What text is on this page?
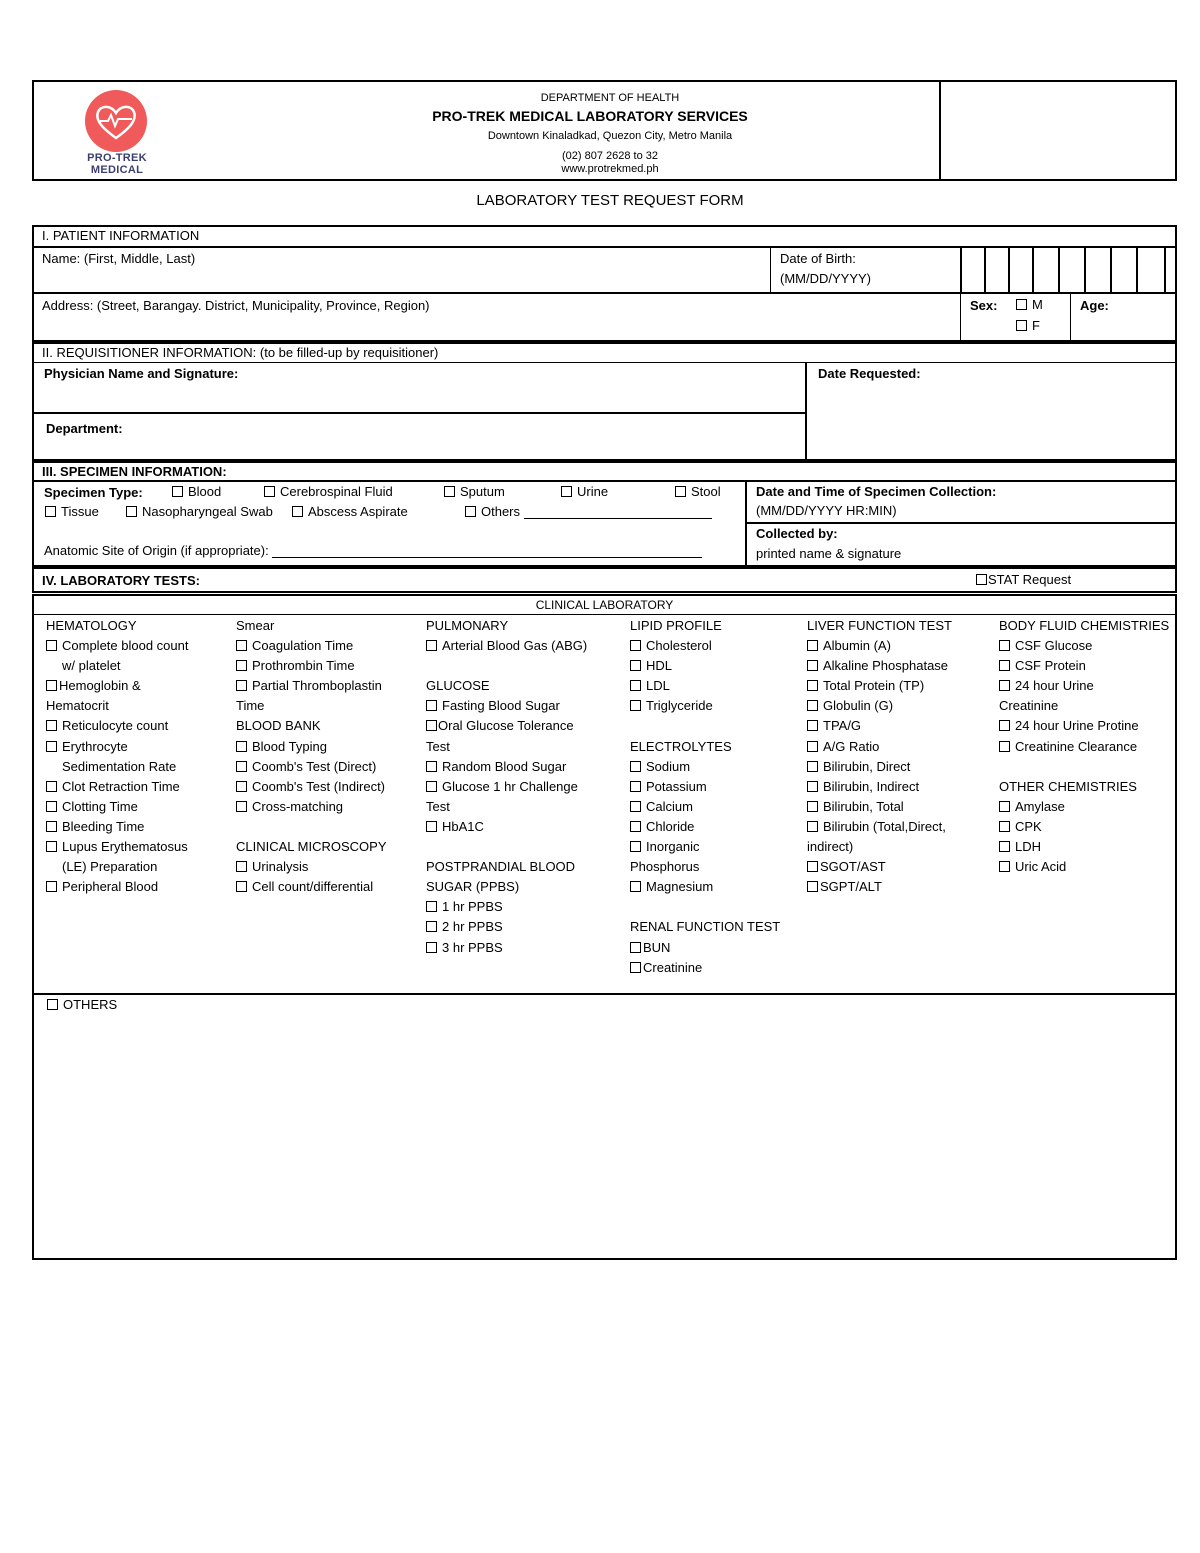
PRO-TREK MEDICAL
DEPARTMENT OF HEALTH
PRO-TREK MEDICAL LABORATORY SERVICES
Downtown Kinaladkad, Quezon City, Metro Manila
(02) 807 2628 to 32
www.protrekmed.ph
LABORATORY TEST REQUEST FORM
I. PATIENT INFORMATION
Name: (First, Middle, Last)	Date of Birth:
(MM/DD/YYYY)
Address: (Street, Barangay. District, Municipality, Province, Region)	Sex:	M
F
Age:
II. REQUISITIONER INFORMATION: (to be filled-up by requisitioner)
Physician Name and Signature:	Date Requested:
Department:
III. SPECIMEN INFORMATION:
Specimen Type:	Blood	Cerebrospinal Fluid	Sputum	Urine	Stool
Tissue	Nasopharyngeal Swab	Abscess Aspirate	Others
Anatomic Site of Origin (if appropriate):
Date and Time of Specimen Collection:
(MM/DD/YYYY HR:MIN)
Collected by:
printed name & signature
IV. LABORATORY TESTS:	STAT Request
CLINICAL LABORATORY
HEMATOLOGY
Complete blood count
w/ platelet
Hemoglobin &
Hematocrit
Reticulocyte count
Erythrocyte
Sedimentation Rate
Clot Retraction Time
Clotting Time
Bleeding Time
Lupus Erythematosus
(LE) Preparation
Peripheral Blood
Smear
Coagulation Time
Prothrombin Time
Partial Thromboplastin
Time
BLOOD BANK
Blood Typing
Coomb's Test (Direct)
Coomb's Test (Indirect)
Cross-matching
CLINICAL MICROSCOPY
Urinalysis
Cell count/differential
PULMONARY
Arterial Blood Gas (ABG)
GLUCOSE
Fasting Blood Sugar
Oral Glucose Tolerance
Test
Random Blood Sugar
Glucose 1 hr Challenge
Test
HbA1C
POSTPRANDIAL BLOOD
SUGAR (PPBS)
1 hr PPBS
2 hr PPBS
3 hr PPBS
LIPID PROFILE
Cholesterol
HDL
LDL
Triglyceride
ELECTROLYTES
Sodium
Potassium
Calcium
Chloride
Inorganic
Phosphorus
Magnesium
RENAL FUNCTION TEST
BUN
Creatinine
LIVER FUNCTION TEST
Albumin (A)
Alkaline Phosphatase
Total Protein (TP)
Globulin (G)
TPA/G
A/G Ratio
Bilirubin, Direct
Bilirubin, Indirect
Bilirubin, Total
Bilirubin (Total,Direct,
indirect)
SGOT/AST
SGPT/ALT
BODY FLUID CHEMISTRIES
CSF Glucose
CSF Protein
24 hour Urine
Creatinine
24 hour Urine Protine
Creatinine Clearance
OTHER CHEMISTRIES
Amylase
CPK
LDH
Uric Acid
OTHERS
